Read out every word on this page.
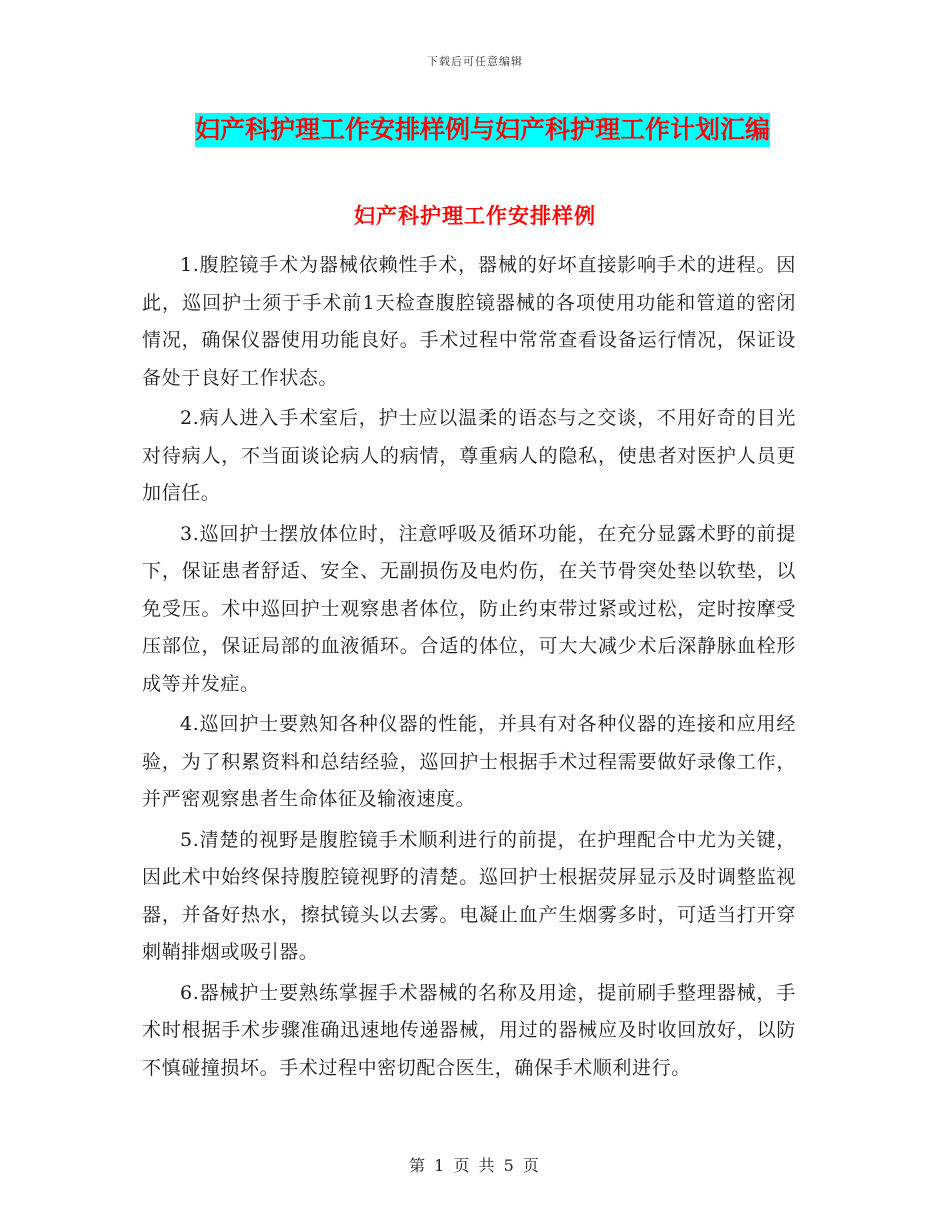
下载后可任意编辑
妇产科护理工作安排样例与妇产科护理工作计划汇编
妇产科护理工作安排样例

1.腹腔镜手术为器械依赖性手术，器械的好坏直接影响手术的进程。因此，巡回护士须于手术前1天检查腹腔镜器械的各项使用功能和管道的密闭情况，确保仪器使用功能良好。手术过程中常常查看设备运行情况，保证设备处于良好工作状态。

2.病人进入手术室后，护士应以温柔的语态与之交谈，不用好奇的目光对待病人，不当面谈论病人的病情，尊重病人的隐私，使患者对医护人员更加信任。

3.巡回护士摆放体位时，注意呼吸及循环功能，在充分显露术野的前提下，保证患者舒适、安全、无副损伤及电灼伤，在关节骨突处垫以软垫，以免受压。术中巡回护士观察患者体位，防止约束带过紧或过松，定时按摩受压部位，保证局部的血液循环。合适的体位，可大大减少术后深静脉血栓形成等并发症。

4.巡回护士要熟知各种仪器的性能，并具有对各种仪器的连接和应用经验，为了积累资料和总结经验，巡回护士根据手术过程需要做好录像工作，并严密观察患者生命体征及输液速度。

5.清楚的视野是腹腔镜手术顺利进行的前提，在护理配合中尤为关键，因此术中始终保持腹腔镜视野的清楚。巡回护士根据荧屏显示及时调整监视器，并备好热水，擦拭镜头以去雾。电凝止血产生烟雾多时，可适当打开穿刺鞘排烟或吸引器。

6.器械护士要熟练掌握手术器械的名称及用途，提前刷手整理器械，手术时根据手术步骤准确迅速地传递器械，用过的器械应及时收回放好，以防不慎碰撞损坏。手术过程中密切配合医生，确保手术顺利进行。

第 1 页 共 5 页
